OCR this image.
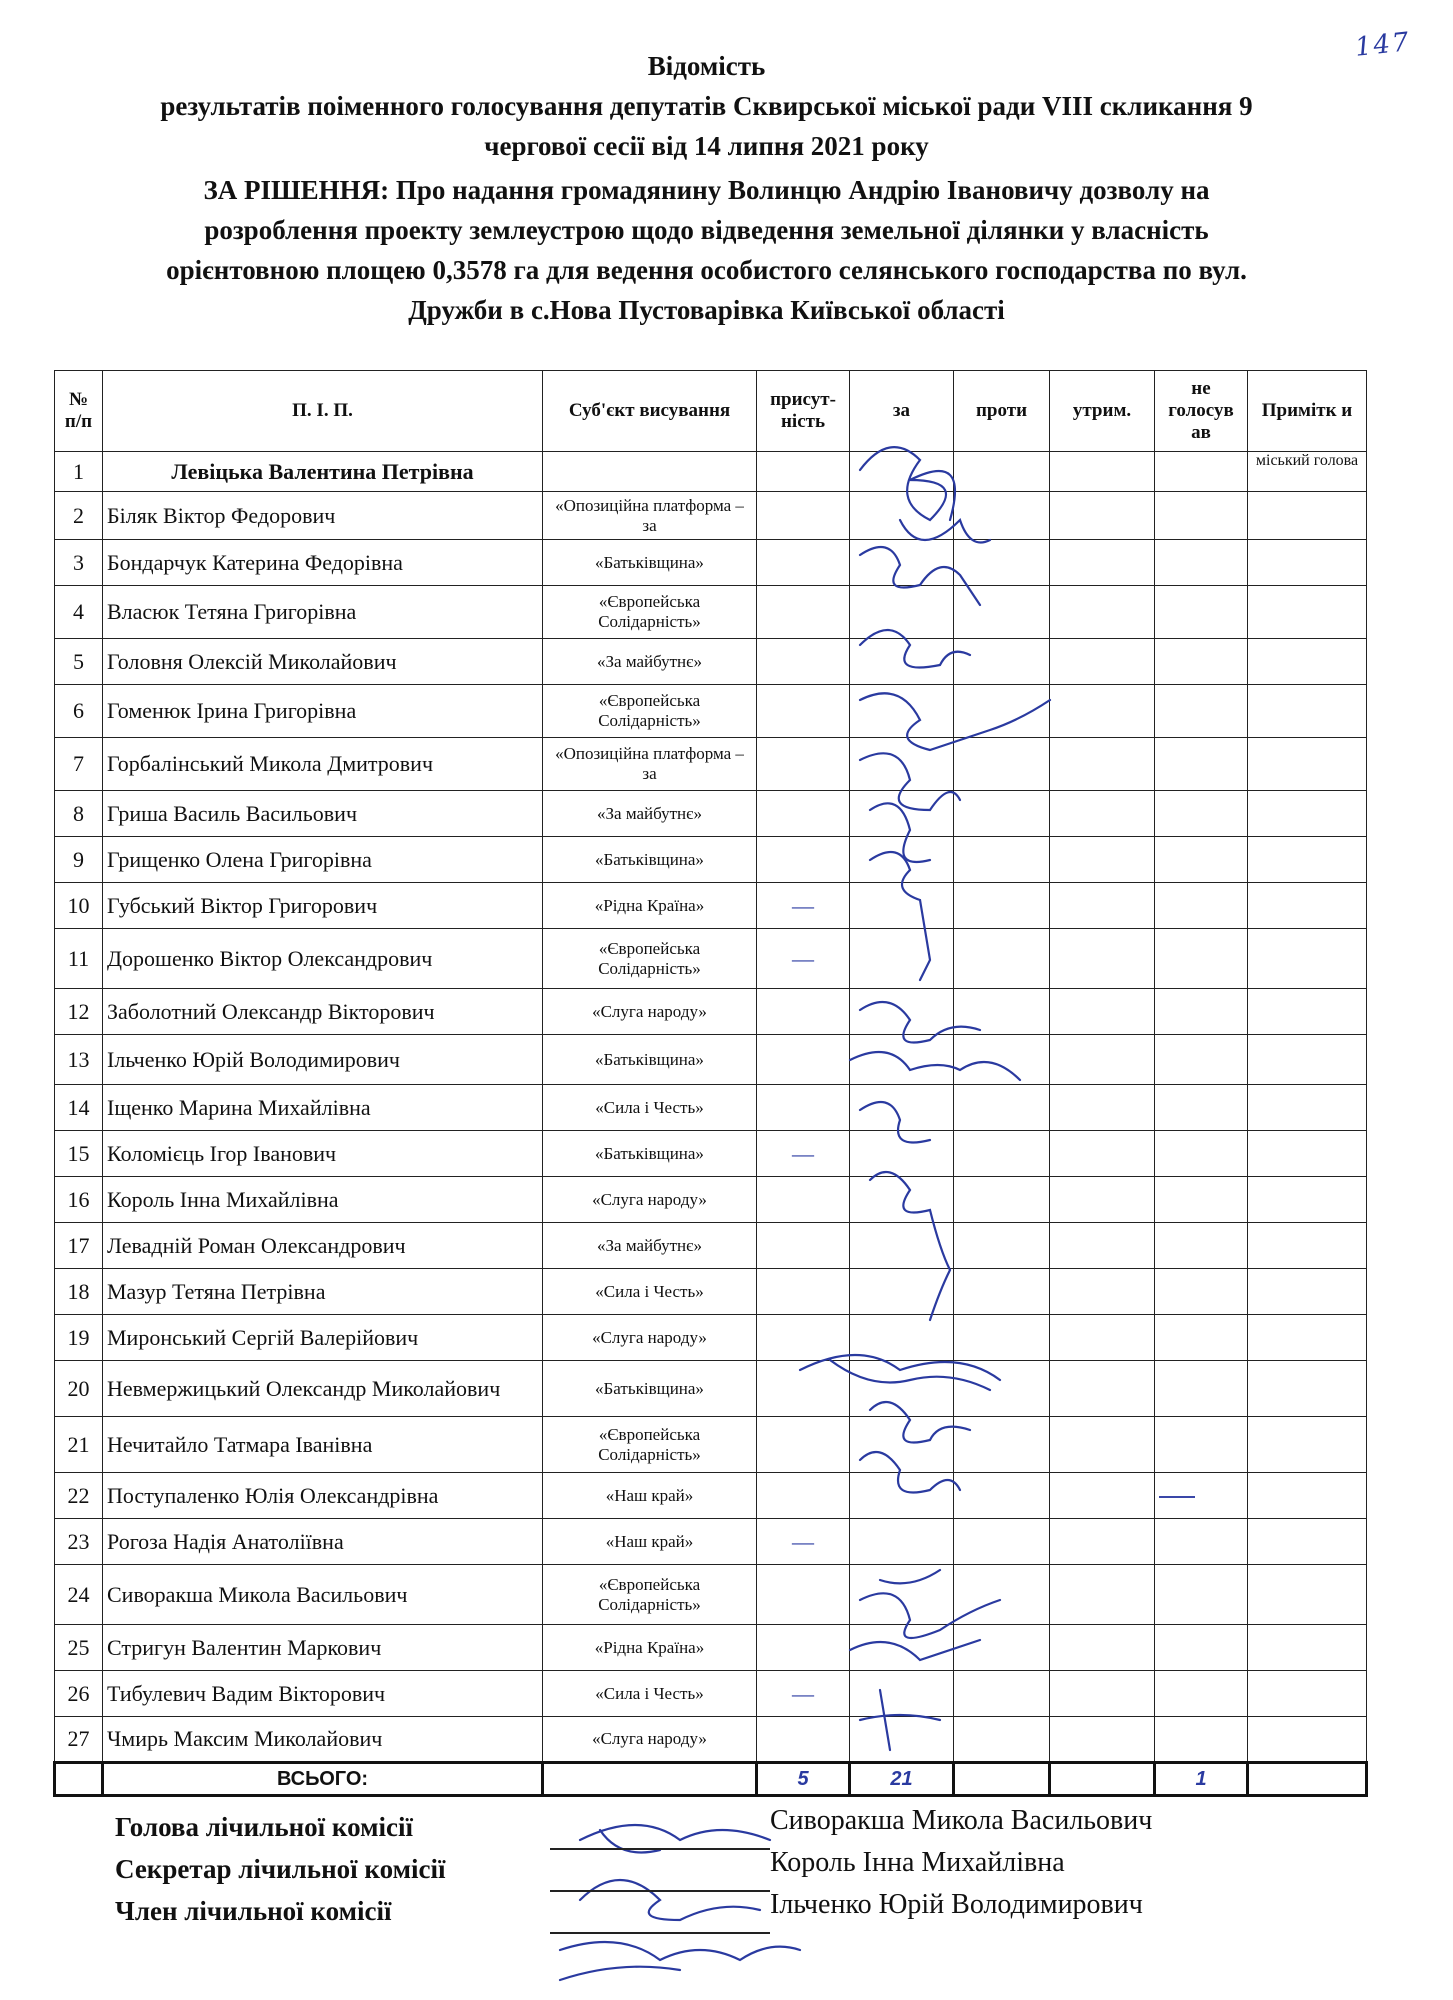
147
Відомість
результатів поіменного голосування депутатів Сквирської міської ради VIII скликання 9
чергової сесії від 14 липня 2021 року
ЗА РІШЕННЯ: Про надання громадянину Волинцю Андрію Івановичу дозволу на
розроблення проекту землеустрою щодо відведення земельної ділянки у власність
орієнтовною площею 0,3578 га для ведення особистого селянського господарства по вул.
Дружби в с.Нова Пустоварівка Київської області
№ п/п	П. І. П.	Суб'єкт висування	присут-ність	за	проти	утрим.	не голосув ав	Примітк и
1	Левіцька Валентина Петрівна							міський голова
2	Біляк Віктор Федорович	«Опозиційна платформа – за						
3	Бондарчук Катерина Федорівна	«Батьківщина»						
4	Власюк Тетяна Григорівна	«Європейська Солідарність»						
5	Головня Олексій Миколайович	«За майбутнє»						
6	Гоменюк Ірина Григорівна	«Європейська Солідарність»						
7	Горбалінський Микола Дмитрович	«Опозиційна платформа – за						
8	Гриша Василь Васильович	«За майбутнє»						
9	Грищенко Олена Григорівна	«Батьківщина»						
10	Губський Віктор Григорович	«Рідна Країна»	—					
11	Дорошенко Віктор Олександрович	«Європейська Солідарність»	—					
12	Заболотний Олександр Вікторович	«Слуга народу»						
13	Ільченко Юрій Володимирович	«Батьківщина»						
14	Іщенко Марина Михайлівна	«Сила і Честь»						
15	Коломієць Ігор Іванович	«Батьківщина»	—					
16	Король Інна Михайлівна	«Слуга народу»						
17	Левадній Роман Олександрович	«За майбутнє»						
18	Мазур Тетяна Петрівна	«Сила і Честь»						
19	Миронський Сергій Валерійович	«Слуга народу»						
20	Невмержицький Олександр Миколайович	«Батьківщина»						
21	Нечитайло Татмара Іванівна	«Європейська Солідарність»						
22	Поступаленко Юлія Олександрівна	«Наш край»						
23	Рогоза Надія Анатоліївна	«Наш край»	—					
24	Сиворакша Микола Васильович	«Європейська Солідарність»						
25	Стригун Валентин Маркович	«Рідна Країна»						
26	Тибулевич Вадим Вікторович	«Сила і Честь»	—					
27	Чмирь Максим Миколайович	«Слуга народу»						
	ВСЬОГО:		5	21			1	
Голова лічильної комісії
Секретар лічильної комісії
Член лічильної комісії
Сиворакша Микола Васильович
Король Інна Михайлівна
Ільченко Юрій Володимирович
